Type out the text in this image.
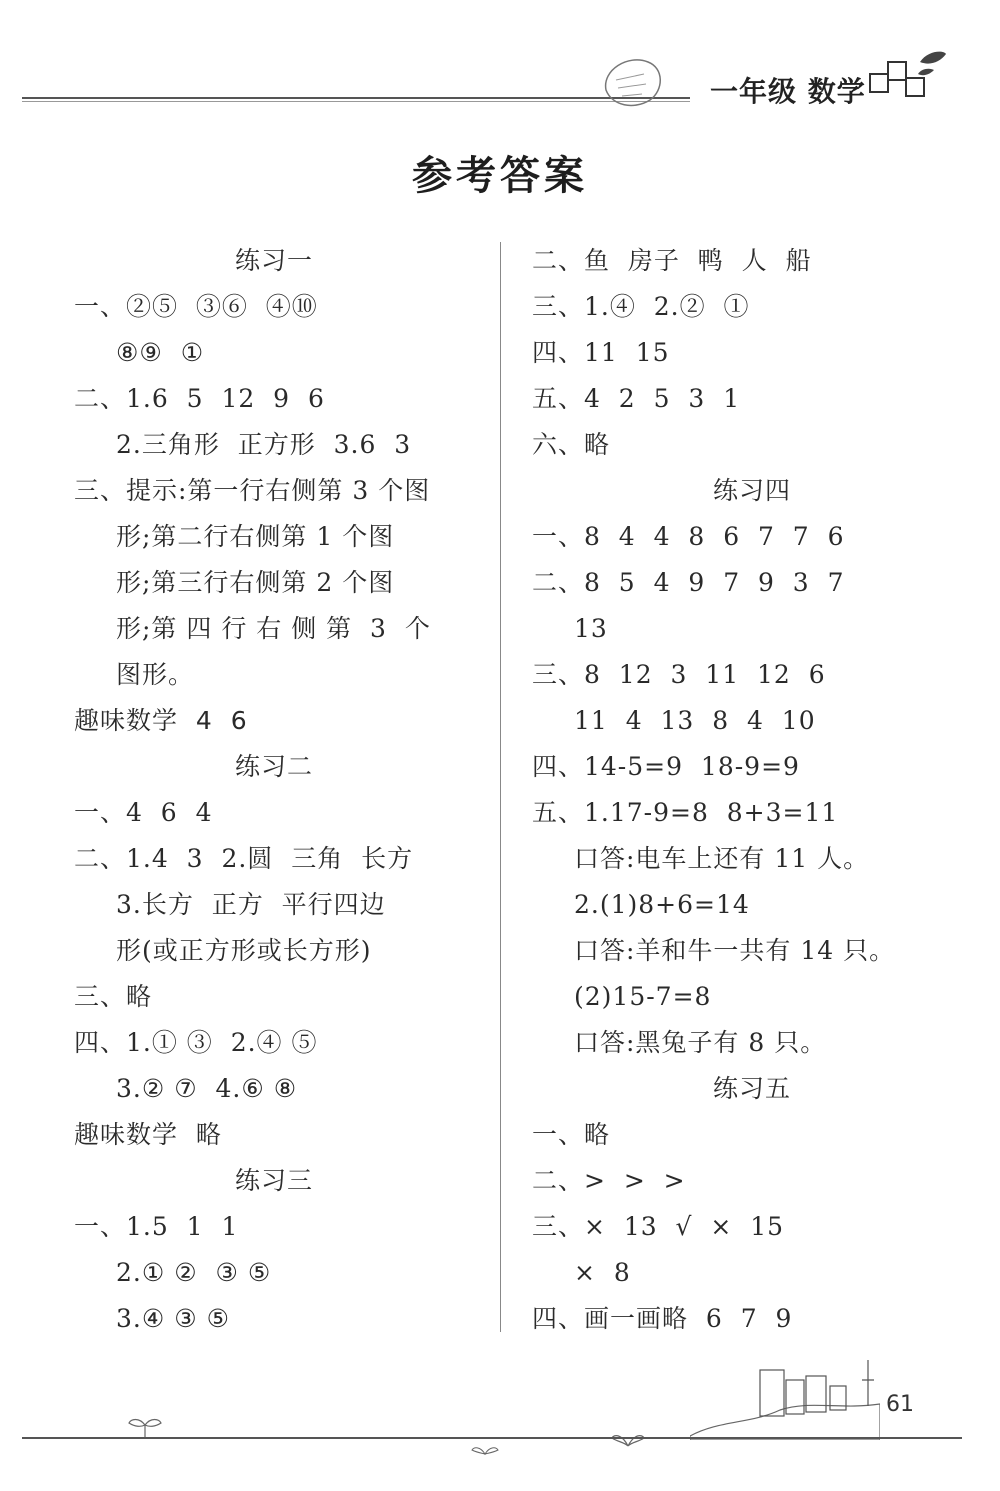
一年级 数学
参考答案
练习一
一、②⑤  ③⑥  ④⑩
⑧⑨  ①
二、1.6  5  12  9  6
2.三角形  正方形  3.6  3
三、提示:第一行右侧第 3 个图
形;第二行右侧第 1 个图
形;第三行右侧第 2 个图
形;第 四 行 右 侧 第  3  个
图形。
趣味数学  4  6
练习二
一、4  6  4
二、1.4  3  2.圆  三角  长方
3.长方  正方  平行四边
形(或正方形或长方形)
三、略
四、1.① ③  2.④ ⑤
3.② ⑦  4.⑥ ⑧
趣味数学  略
练习三
一、1.5  1  1
2.① ②  ③ ⑤
3.④ ③ ⑤
二、鱼  房子  鸭  人  船
三、1.④  2.②  ①
四、11  15
五、4  2  5  3  1
六、略
练习四
一、8  4  4  8  6  7  7  6
二、8  5  4  9  7  9  3  7
13
三、8  12  3  11  12  6
11  4  13  8  4  10
四、14-5=9  18-9=9
五、1.17-9=8  8+3=11
口答:电车上还有 11 人。
2.(1)8+6=14
口答:羊和牛一共有 14 只。
(2)15-7=8
口答:黑兔子有 8 只。
练习五
一、略
二、>  >  >
三、×  13  √  ×  15
×  8
四、画一画略  6  7  9
61
